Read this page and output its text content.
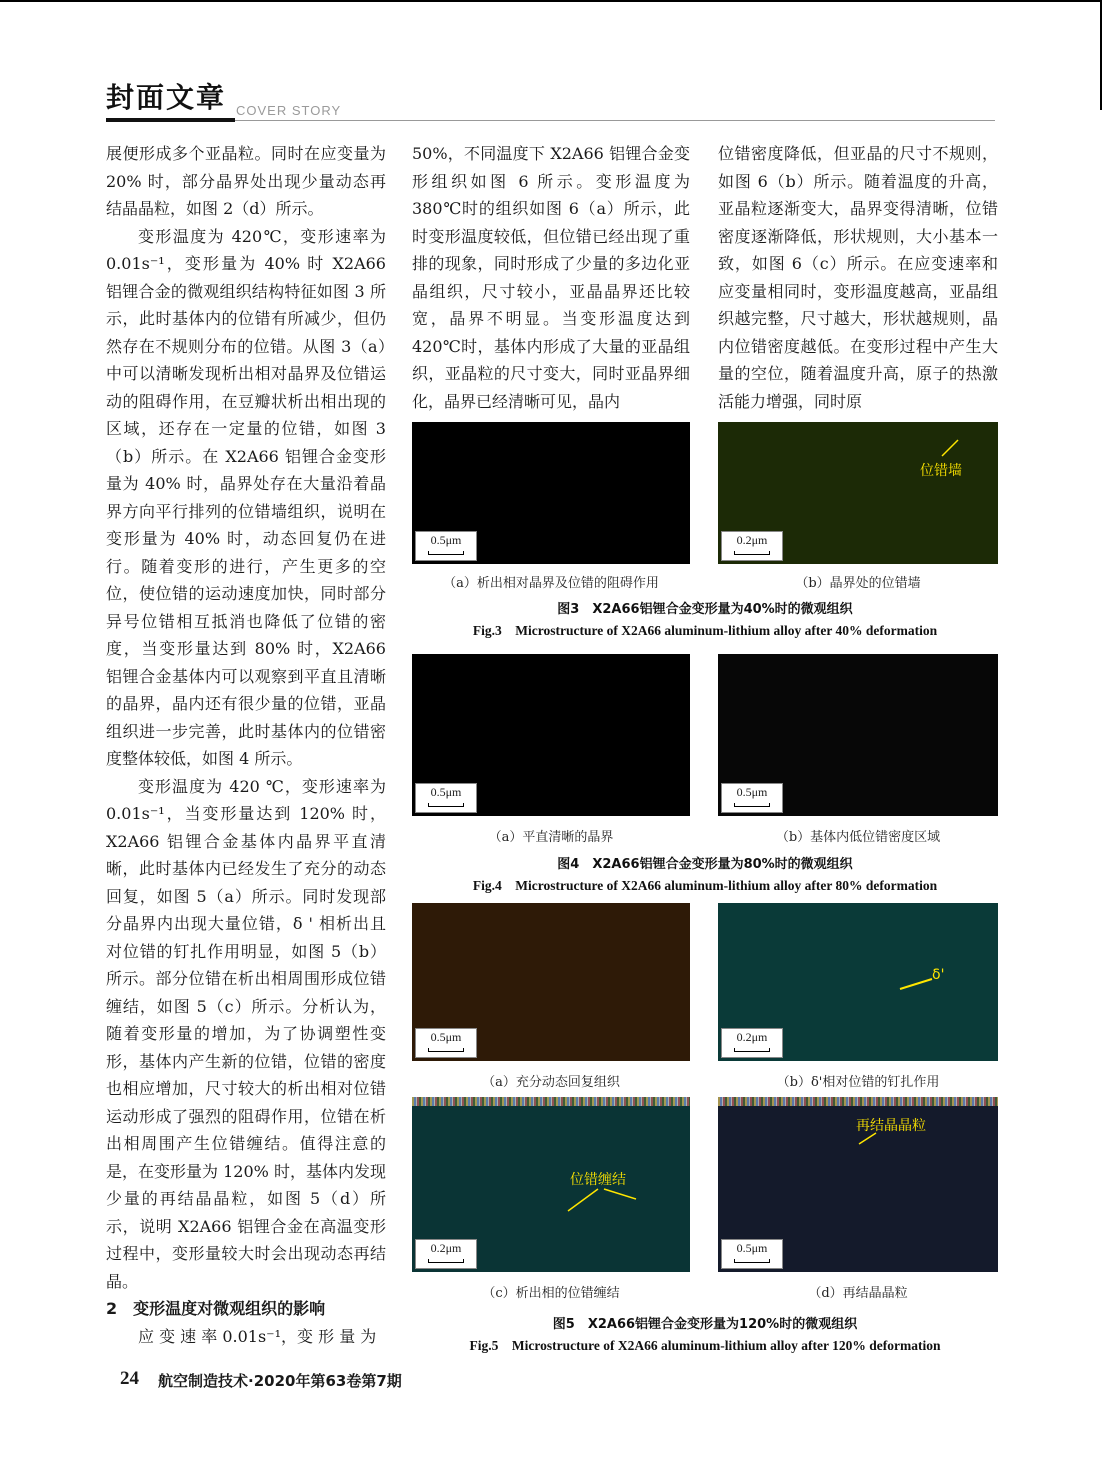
封面文章 COVER STORY

展便形成多个亚晶粒。同时在应变量为 20% 时，部分晶界处出现少量动态再结晶晶粒，如图 2（d）所示。

变形温度为 420℃，变形速率为 0.01s⁻¹，变形量为 40% 时 X2A66 铝锂合金的微观组织结构特征如图 3 所示，此时基体内的位错有所减少，但仍然存在不规则分布的位错。从图 3（a）中可以清晰发现析出相对晶界及位错运动的阻碍作用，在豆瓣状析出相出现的区域，还存在一定量的位错，如图 3（b）所示。在 X2A66 铝锂合金变形量为 40% 时，晶界处存在大量沿着晶界方向平行排列的位错墙组织，说明在变形量为 40% 时，动态回复仍在进行。随着变形的进行，产生更多的空位，使位错的运动速度加快，同时部分异号位错相互抵消也降低了位错的密度，当变形量达到 80% 时，X2A66 铝锂合金基体内可以观察到平直且清晰的晶界，晶内还有很少量的位错，亚晶组织进一步完善，此时基体内的位错密度整体较低，如图 4 所示。

变形温度为 420 ℃，变形速率为 0.01s⁻¹，当变形量达到 120% 时，X2A66 铝锂合金基体内晶界平直清晰，此时基体内已经发生了充分的动态回复，如图 5（a）所示。同时发现部分晶界内出现大量位错，δ ' 相析出且对位错的钉扎作用明显，如图 5（b）所示。部分位错在析出相周围形成位错缠结，如图 5（c）所示。分析认为，随着变形量的增加，为了协调塑性变形，基体内产生新的位错，位错的密度也相应增加，尺寸较大的析出相对位错运动形成了强烈的阻碍作用，位错在析出相周围产生位错缠结。值得注意的是，在变形量为 120% 时，基体内发现少量的再结晶晶粒，如图 5（d）所示，说明 X2A66 铝锂合金在高温变形过程中，变形量较大时会出现动态再结晶。

2　变形温度对微观组织的影响

应 变 速 率 0.01s⁻¹，变 形 量 为

50%，不同温度下 X2A66 铝锂合金变形组织如图 6 所示。变形温度为 380℃时的组织如图 6（a）所示，此时变形温度较低，但位错已经出现了重排的现象，同时形成了少量的多边化亚晶组织，尺寸较小，亚晶晶界还比较宽，晶界不明显。当变形温度达到 420℃时，基体内形成了大量的亚晶组织，亚晶粒的尺寸变大，同时亚晶界细化，晶界已经清晰可见，晶内

位错密度降低，但亚晶的尺寸不规则，如图 6（b）所示。随着温度的升高，亚晶粒逐渐变大，晶界变得清晰，位错密度逐渐降低，形状规则，大小基本一致，如图 6（c）所示。在应变速率和应变量相同时，变形温度越高，亚晶组织越完整，尺寸越大，形状越规则，晶内位错密度越低。在变形过程中产生大量的空位，随着温度升高，原子的热激活能力增强，同时原

0.5μm
位错墙
0.2μm
（a）析出相对晶界及位错的阻碍作用	（b）晶界处的位错墙
图3　X2A66铝锂合金变形量为40%时的微观组织
Fig.3　Microstructure of X2A66 aluminum-lithium alloy after 40% deformation
0.5μm	0.5μm
（a）平直清晰的晶界	（b）基体内低位错密度区域
图4　X2A66铝锂合金变形量为80%时的微观组织
Fig.4　Microstructure of X2A66 aluminum-lithium alloy after 80% deformation
0.5μm
δ'
0.2μm
（a）充分动态回复组织	（b）δ'相对位错的钉扎作用
位错缠结
0.2μm
再结晶晶粒
0.5μm
（c）析出相的位错缠结	（d）再结晶晶粒
图5　X2A66铝锂合金变形量为120%时的微观组织
Fig.5　Microstructure of X2A66 aluminum-lithium alloy after 120% deformation
24 航空制造技术·2020年第63卷第7期
